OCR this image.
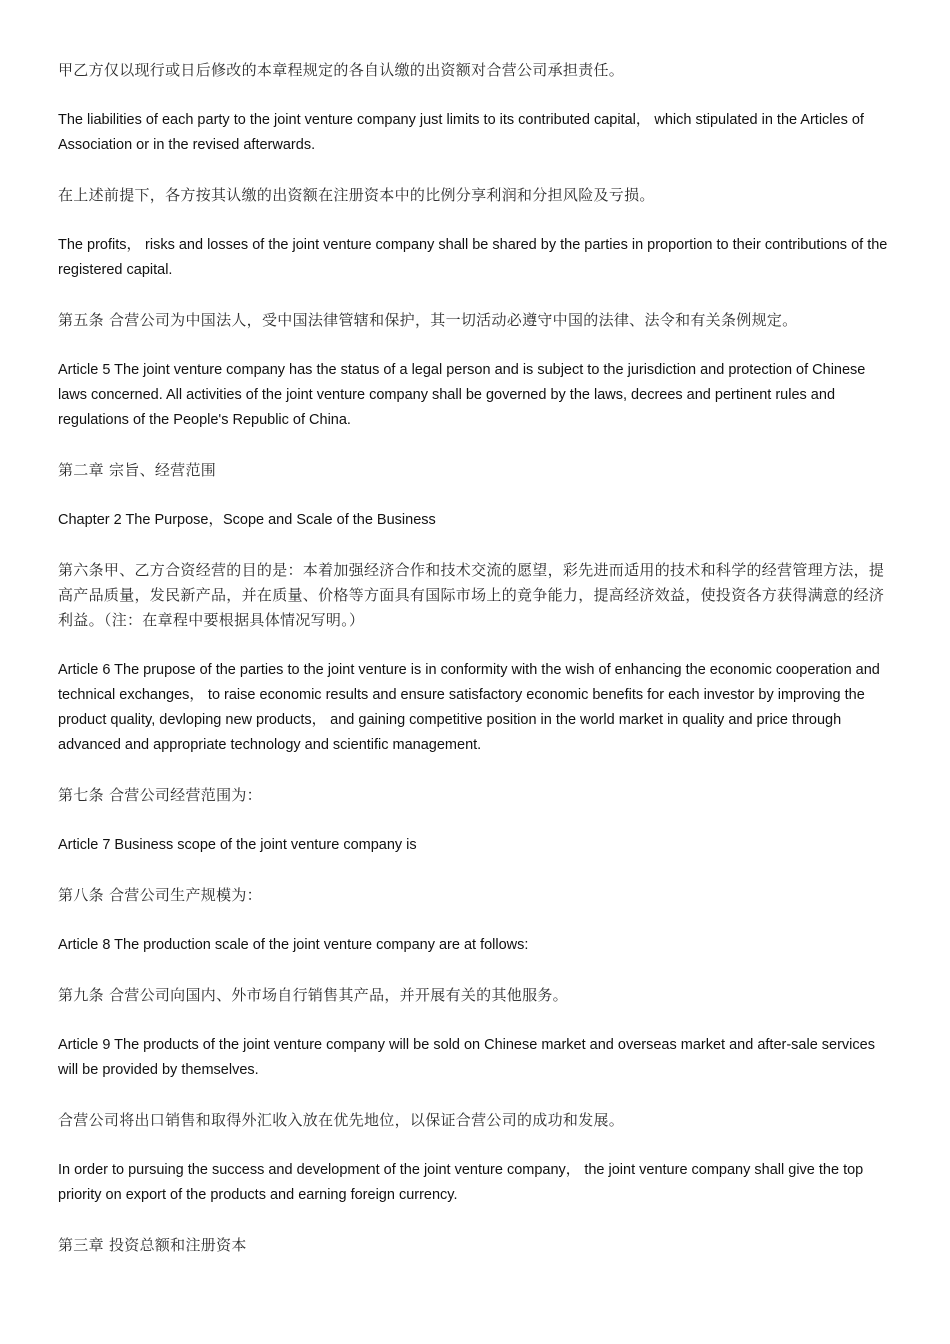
甲乙方仅以现行或日后修改的本章程规定的各自认缴的出资额对合营公司承担责任。

The liabilities of each party to the joint venture company just limits to its contributed capital， which stipulated in the Articles of Association or in the revised afterwards.

在上述前提下，各方按其认缴的出资额在注册资本中的比例分享利润和分担风险及亏损。

The profits， risks and losses of the joint venture company shall be shared by the parties in proportion to their contributions of the registered capital.

第五条 合营公司为中国法人，受中国法律管辖和保护，其一切活动必遵守中国的法律、法令和有关条例规定。

Article 5 The joint venture company has the status of a legal person and is subject to the jurisdiction and protection of Chinese laws concerned. All activities of the joint venture company shall be governed by the laws, decrees and pertinent rules and regulations of the People's Republic of China.

第二章 宗旨、经营范围

Chapter 2 The Purpose，Scope and Scale of the Business

第六条甲、乙方合资经营的目的是：本着加强经济合作和技术交流的愿望，彩先进而适用的技术和科学的经营管理方法，提高产品质量，发民新产品，并在质量、价格等方面具有国际市场上的竟争能力，提高经济效益，使投资各方获得满意的经济利益。（注：在章程中要根据具体情况写明。）

Article 6 The prupose of the parties to the joint venture is in conformity with the wish of enhancing the economic cooperation and technical exchanges， to raise economic results and ensure satisfactory economic benefits for each investor by improving the product quality, devloping new products， and gaining competitive position in the world market in quality and price through advanced and appropriate technology and scientific management.

第七条 合营公司经营范围为：

Article 7 Business scope of the joint venture company is

第八条 合营公司生产规模为：

Article 8 The production scale of the joint venture company are at follows:

第九条 合营公司向国内、外市场自行销售其产品，并开展有关的其他服务。

Article 9 The products of the joint venture company will be sold on Chinese market and overseas market and after-sale services will be provided by themselves.

合营公司将出口销售和取得外汇收入放在优先地位，以保证合营公司的成功和发展。

In order to pursuing the success and development of the joint venture company， the joint venture company shall give the top priority on export of the products and earning foreign currency.

第三章 投资总额和注册资本
